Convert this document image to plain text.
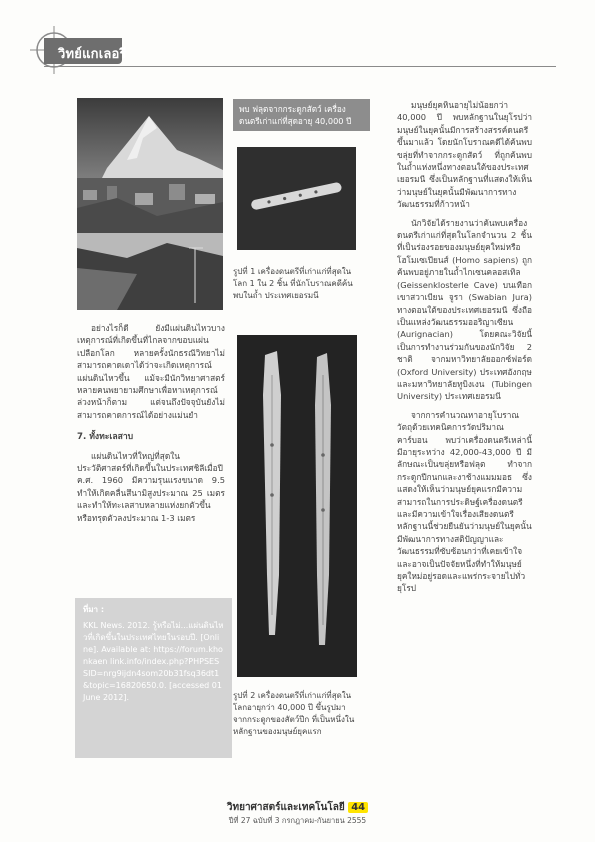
วิทย์แกเลอรี

อย่างไรก็ดี ยังมีแผ่นดินไหวบางเหตุการณ์ที่เกิดขึ้นที่ไกลจากขอบแผ่นเปลือกโลก หลายครั้งนักธรณีวิทยาไม่สามารถคาดเดาได้ว่าจะเกิดเหตุการณ์แผ่นดินไหวขึ้น แม้จะมีนักวิทยาศาสตร์หลายคนพยายามศึกษาเพื่อหาเหตุการณ์ล่วงหน้าก็ตาม แต่จนถึงปัจจุบันยังไม่สามารถคาดการณ์ได้อย่างแม่นยำ

7. ทั้งทะเลสาบ

แผ่นดินไหวที่ใหญ่ที่สุดในประวัติศาสตร์ที่เกิดขึ้นในประเทศชิลีเมื่อปี ค.ศ. 1960 มีความรุนแรงขนาด 9.5 ทำให้เกิดคลื่นสึนามิสูงประมาณ 25 เมตร และทำให้ทะเลสาบหลายแห่งยกตัวขึ้นหรือทรุดตัวลงประมาณ 1-3 เมตร

ที่มา :
KKL News. 2012. รู้หรือไม่...แผ่นดินไหวที่เกิดขึ้นในประเทศไทยในรอบปี. [Online]. Available at: https://forum.khonkaen link.info/index.php?PHPSESSID=nrg9ijdn4som20b31fsq36dt1&topic=16820650.0. [accessed 01 June 2012].
พบ ฟลุตจากกระดูกสัตว์ เครื่องดนตรีเก่าแก่ที่สุดอายุ 40,000 ปี
รูปที่ 1 เครื่องดนตรีที่เก่าแก่ที่สุดในโลก 1 ใน 2 ชิ้น ที่นักโบราณคดีค้นพบในถ้ำ ประเทศเยอรมนี
รูปที่ 2 เครื่องดนตรีที่เก่าแก่ที่สุดในโลกอายุกว่า 40,000 ปี ขึ้นรูปมาจากกระดูกของสัตว์ปีก ที่เป็นหนึ่งในหลักฐานของมนุษย์ยุคแรก

มนุษย์ยุคหินอายุไม่น้อยกว่า 40,000 ปี พบหลักฐานในยุโรปว่ามนุษย์ในยุคนั้นมีการสร้างสรรค์ดนตรีขึ้นมาแล้ว โดยนักโบราณคดีได้ค้นพบขลุ่ยที่ทำจากกระดูกสัตว์ ที่ถูกค้นพบในถ้ำแห่งหนึ่งทางตอนใต้ของประเทศเยอรมนี ซึ่งเป็นหลักฐานที่แสดงให้เห็นว่ามนุษย์ในยุคนั้นมีพัฒนาการทางวัฒนธรรมที่ก้าวหน้า

นักวิจัยได้รายงานว่าค้นพบเครื่องดนตรีเก่าแก่ที่สุดในโลกจำนวน 2 ชิ้น ที่เป็นร่องรอยของมนุษย์ยุคใหม่หรือ โฮโมเซเปียนส์ (Homo sapiens) ถูกค้นพบอยู่ภายในถ้ำไกเซนคลอสเทิล (Geissenklosterle Cave) บนเทือกเขาสวาเบียน จูรา (Swabian Jura) ทางตอนใต้ของประเทศเยอรมนี ซึ่งถือเป็นแหล่งวัฒนธรรมออริญาเซียน (Aurignacian) โดยคณะวิจัยนี้เป็นการทำงานร่วมกันของนักวิจัย 2 ชาติ จากมหาวิทยาลัยออกซ์ฟอร์ด (Oxford University) ประเทศอังกฤษ และมหาวิทยาลัยทูบิงเงน (Tubingen University) ประเทศเยอรมนี

จากการคำนวณหาอายุโบราณวัตถุด้วยเทคนิคการวัดปริมาณคาร์บอน พบว่าเครื่องดนตรีเหล่านี้มีอายุระหว่าง 42,000-43,000 ปี มีลักษณะเป็นขลุ่ยหรือฟลุต ทำจากกระดูกปีกนกและงาช้างแมมมอธ ซึ่งแสดงให้เห็นว่ามนุษย์ยุคแรกมีความสามารถในการประดิษฐ์เครื่องดนตรีและมีความเข้าใจเรื่องเสียงดนตรี หลักฐานนี้ช่วยยืนยันว่ามนุษย์ในยุคนั้นมีพัฒนาการทางสติปัญญาและวัฒนธรรมที่ซับซ้อนกว่าที่เคยเข้าใจ และอาจเป็นปัจจัยหนึ่งที่ทำให้มนุษย์ยุคใหม่อยู่รอดและแพร่กระจายไปทั่วยุโรป

วิทยาศาสตร์และเทคโนโลยี 44
ปีที่ 27 ฉบับที่ 3 กรกฎาคม-กันยายน 2555
